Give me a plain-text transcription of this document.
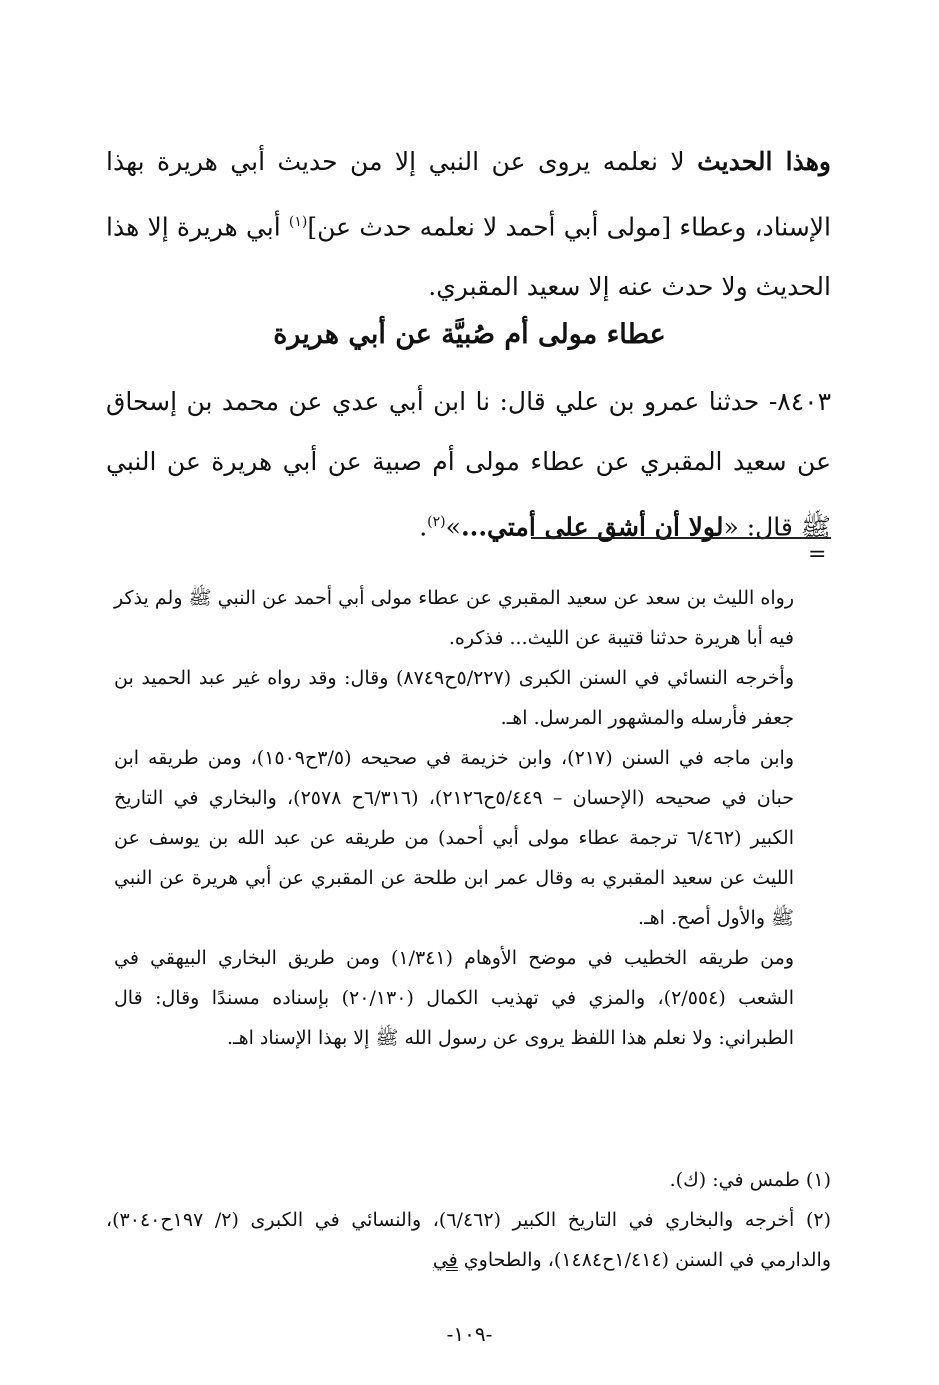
وهذا الحديث لا نعلمه يروى عن النبي إلا من حديث أبي هريرة بهذا الإسناد، وعطاء [مولى أبي أحمد لا نعلمه حدث عن]$^{(١)}$ أبي هريرة إلا هذا الحديث ولا حدث عنه إلا سعيد المقبري.

عطاء مولى أم صُبيَّة عن أبي هريرة

٨٤٠٣- حدثنا عمرو بن علي قال: نا ابن أبي عدي عن محمد بن إسحاق عن سعيد المقبري عن عطاء مولى أم صبية عن أبي هريرة عن النبي ﷺ قال: «لولا أن أشق على أمتي...»$^{(٢)}$.

=

رواه الليث بن سعد عن سعيد المقبري عن عطاء مولى أبي أحمد عن النبي ﷺ ولم يذكر فيه أبا هريرة حدثنا قتيبة عن الليث... فذكره.

وأخرجه النسائي في السنن الكبرى (٥/٢٢٧ح٨٧٤٩) وقال: وقد رواه غير عبد الحميد بن جعفر فأرسله والمشهور المرسل. اهـ.

وابن ماجه في السنن (٢١٧)، وابن خزيمة في صحيحه (٣/٥ح١٥٠٩)، ومن طريقه ابن حبان في صحيحه (الإحسان – ٥/٤٤٩ح٢١٢٦)، (٦/٣١٦ح ٢٥٧٨)، والبخاري في التاريخ الكبير (٦/٤٦٢ ترجمة عطاء مولى أبي أحمد) من طريقه عن عبد الله بن يوسف عن الليث عن سعيد المقبري به وقال عمر ابن طلحة عن المقبري عن أبي هريرة عن النبي ﷺ والأول أصح. اهـ.

ومن طريقه الخطيب في موضح الأوهام (١/٣٤١) ومن طريق البخاري البيهقي في الشعب (٢/٥٥٤)، والمزي في تهذيب الكمال (٢٠/١٣٠) بإسناده مسندًا وقال: قال الطبراني: ولا نعلم هذا اللفظ يروى عن رسول الله ﷺ إلا بهذا الإسناد اهـ.

(١) طمس في: (ك).

(٢) أخرجه والبخاري في التاريخ الكبير (٦/٤٦٢)، والنسائي في الكبرى (٢/ ١٩٧ح٣٠٤٠)، والدارمي في السنن (١/٤١٤ح١٤٨٤)، والطحاوي في

-١٠٩-
